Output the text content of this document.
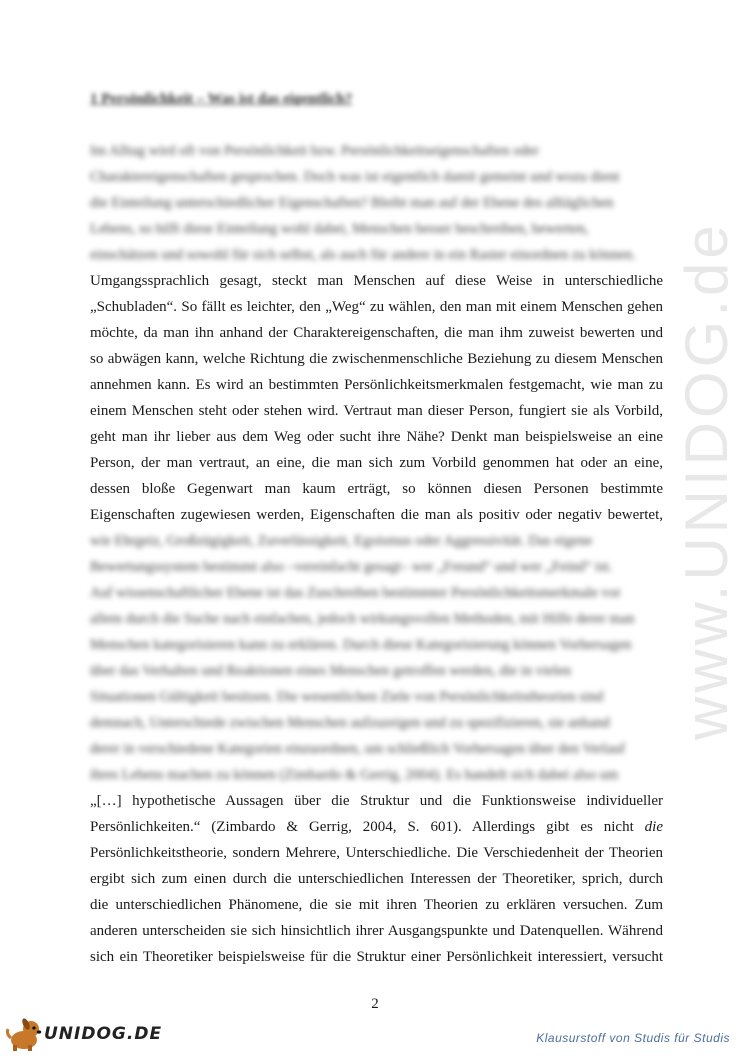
www.UNIDOG.de
1 Persönlichkeit – Was ist das eigentlich?
Im Alltag wird oft von Persönlichkeit bzw. Persönlichkeitseigenschaften oder
Charaktereigenschaften gesprochen. Doch was ist eigentlich damit gemeint und wozu dient
die Einteilung unterschiedlicher Eigenschaften? Bleibt man auf der Ebene des alltäglichen
Lebens, so hilft diese Einteilung wohl dabei, Menschen besser beschreiben, bewerten,
einschätzen und sowohl für sich selbst, als auch für andere in ein Raster einordnen zu können.
Umgangssprachlich gesagt, steckt man Menschen auf diese Weise in unterschiedliche
„Schubladen“. So fällt es leichter, den „Weg“ zu wählen, den man mit einem Menschen gehen
möchte, da man ihn anhand der Charaktereigenschaften, die man ihm zuweist bewerten und
so abwägen kann, welche Richtung die zwischenmenschliche Beziehung zu diesem Menschen
annehmen kann. Es wird an bestimmten Persönlichkeitsmerkmalen festgemacht, wie man zu
einem Menschen steht oder stehen wird. Vertraut man dieser Person, fungiert sie als Vorbild,
geht man ihr lieber aus dem Weg oder sucht ihre Nähe? Denkt man beispielsweise an eine
Person, der man vertraut, an eine, die man sich zum Vorbild genommen hat oder an eine,
dessen bloße Gegenwart man kaum erträgt, so können diesen Personen bestimmte
Eigenschaften zugewiesen werden, Eigenschaften die man als positiv oder negativ bewertet,
wie Ehrgeiz, Großzügigkeit, Zuverlässigkeit, Egoismus oder Aggressivität. Das eigene
Bewertungssystem bestimmt also –vereinfacht gesagt– wer „Freund“ und wer „Feind“ ist.
Auf wissenschaftlicher Ebene ist das Zuschreiben bestimmter Persönlichkeitsmerkmale vor
allem durch die Suche nach einfachen, jedoch wirkungsvollen Methoden, mit Hilfe derer man
Menschen kategorisieren kann zu erklären. Durch diese Kategorisierung können Vorhersagen
über das Verhalten und Reaktionen eines Menschen getroffen werden, die in vielen
Situationen Gültigkeit besitzen. Die wesentlichen Ziele von Persönlichkeitstheorien sind
demnach, Unterschiede zwischen Menschen aufzuzeigen und zu spezifizieren, sie anhand
derer in verschiedene Kategorien einzuordnen, um schließlich Vorhersagen über den Verlauf
ihres Lebens machen zu können (Zimbardo & Gerrig, 2004). Es handelt sich dabei also um
„[…] hypothetische Aussagen über die Struktur und die Funktionsweise individueller
Persönlichkeiten.“ (Zimbardo & Gerrig, 2004, S. 601). Allerdings gibt es nicht die
Persönlichkeitstheorie, sondern Mehrere, Unterschiedliche. Die Verschiedenheit der Theorien
ergibt sich zum einen durch die unterschiedlichen Interessen der Theoretiker, sprich, durch
die unterschiedlichen Phänomene, die sie mit ihren Theorien zu erklären versuchen. Zum
anderen unterscheiden sie sich hinsichtlich ihrer Ausgangspunkte und Datenquellen. Während
sich ein Theoretiker beispielsweise für die Struktur einer Persönlichkeit interessiert, versucht
2
UNIDOG.DE	Klausurstoff von Studis für Studis
